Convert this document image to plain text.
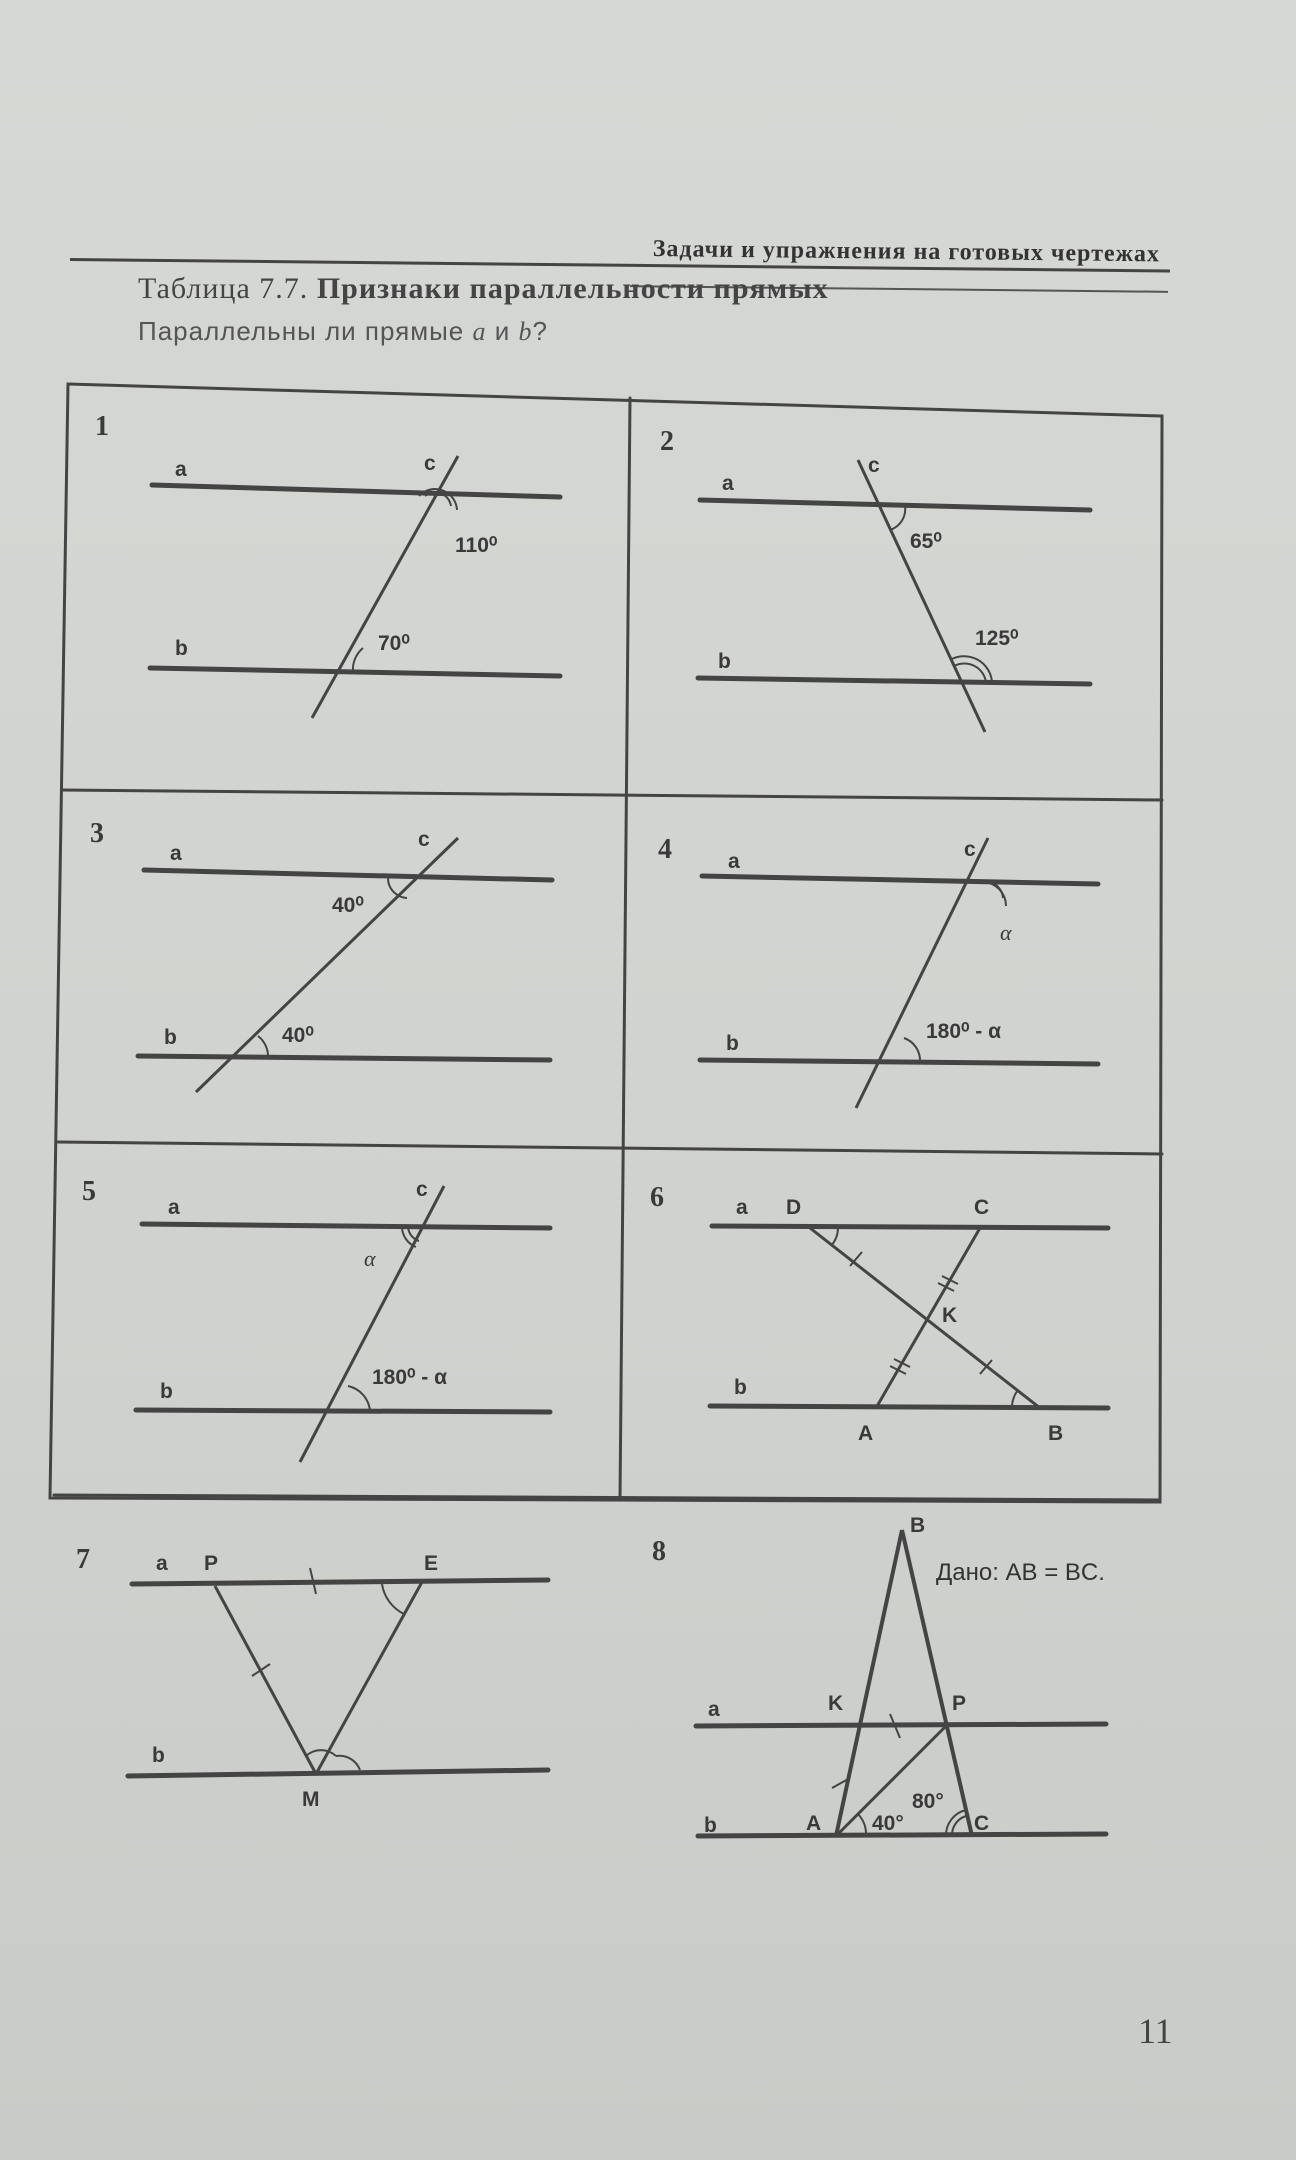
Задачи и упражнения на готовых чертежах
Таблица 7.7. Признаки параллельности прямых
Параллельны ли прямые a и b?
1
a
b
c
110⁰
70⁰
2
a
b
c
65⁰
125⁰
3
a
b
c
40⁰
40⁰
4	a
b
c
α
180⁰ - α
5
a
b
c
α
180⁰ - α
6	a
b
D	C
K
A	B
7	a
b
P	E
M
8
Дано: AB = BC.
B
a
b
K	P
A	C
40°
80°
11
